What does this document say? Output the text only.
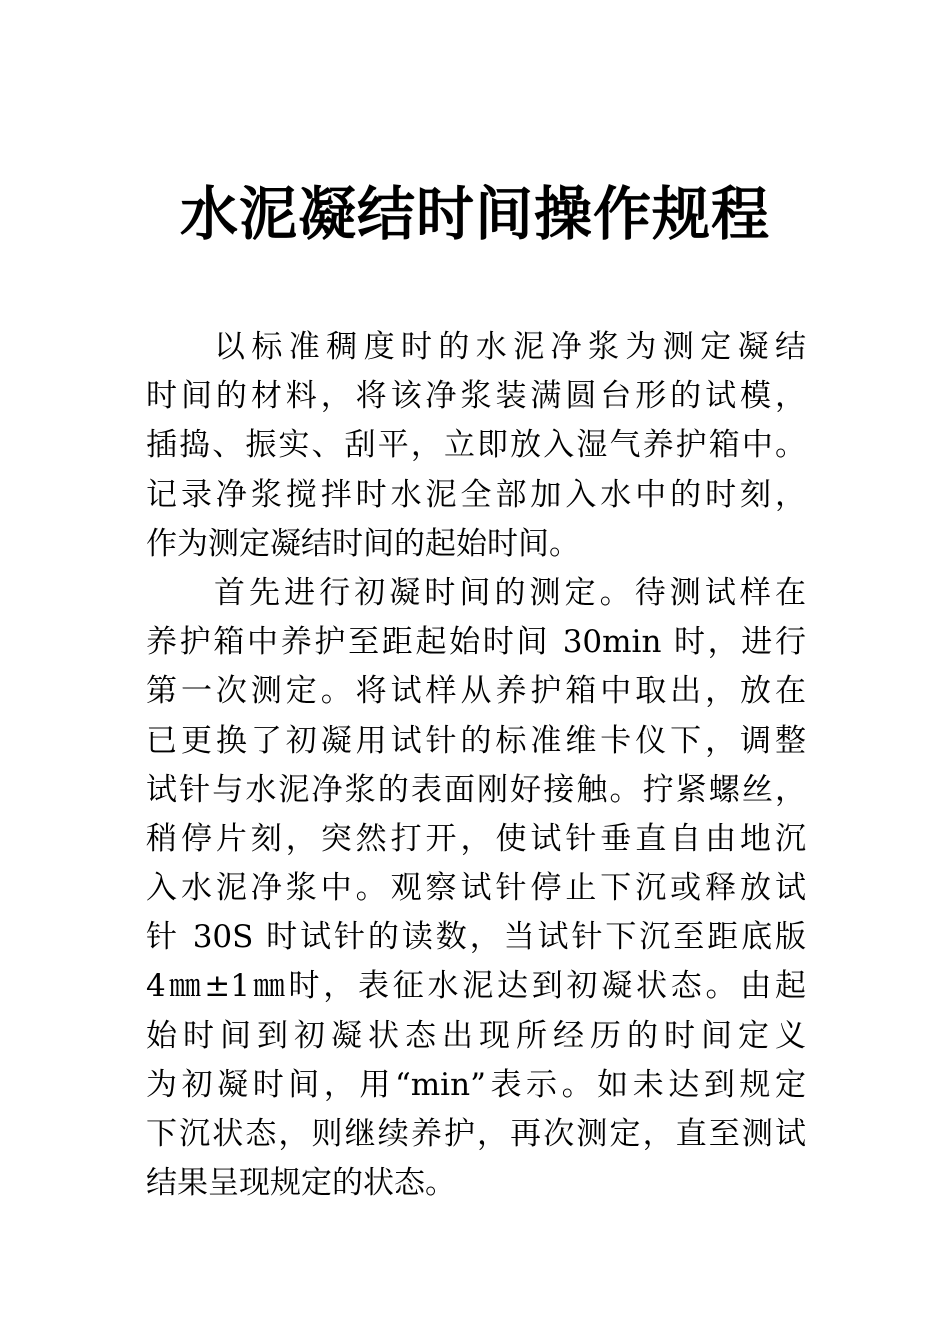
水泥凝结时间操作规程
以标准稠度时的水泥净浆为测定凝结
时间的材料，将该净浆装满圆台形的试模，
插捣、振实、刮平，立即放入湿气养护箱中。
记录净浆搅拌时水泥全部加入水中的时刻，
作为测定凝结时间的起始时间。
首先进行初凝时间的测定。待测试样在
养护箱中养护至距起始时间 30min 时，进行
第一次测定。将试样从养护箱中取出，放在
已更换了初凝用试针的标准维卡仪下，调整
试针与水泥净浆的表面刚好接触。拧紧螺丝，
稍停片刻，突然打开，使试针垂直自由地沉
入水泥净浆中。观察试针停止下沉或释放试
针 30S 时试针的读数，当试针下沉至距底版
4㎜±1㎜时，表征水泥达到初凝状态。由起
始时间到初凝状态出现所经历的时间定义
为初凝时间，用“min”表示。如未达到规定
下沉状态，则继续养护，再次测定，直至测试
结果呈现规定的状态。
